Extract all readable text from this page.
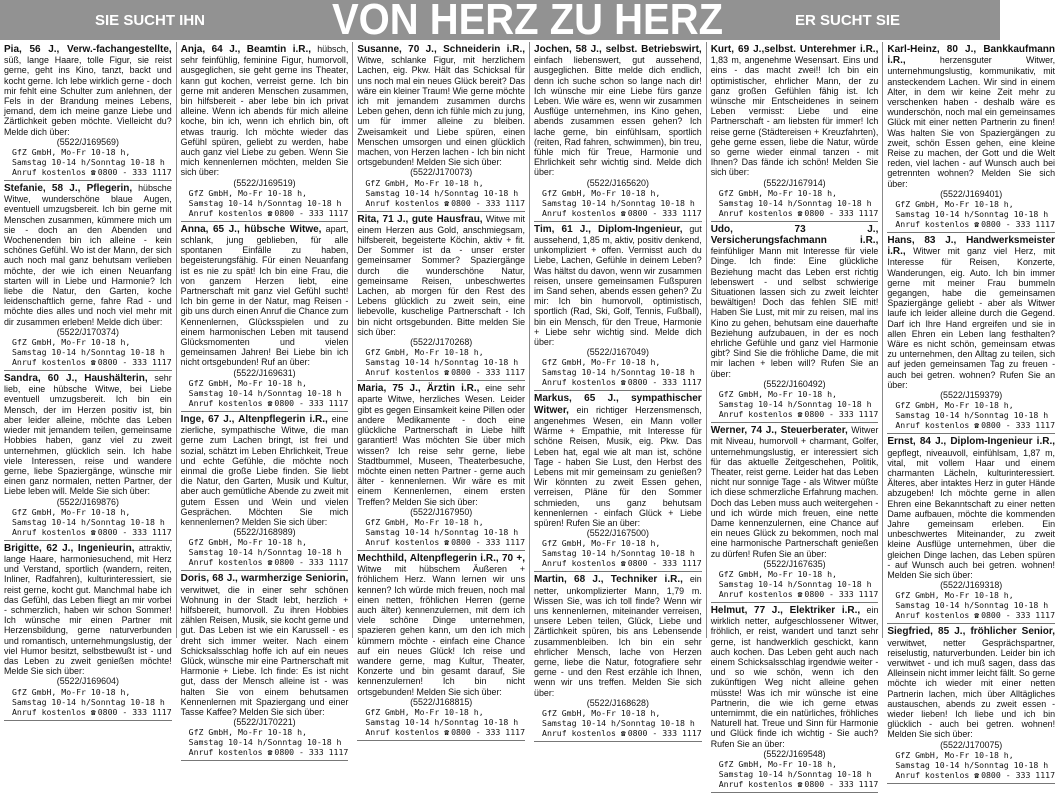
SIE SUCHT IHN	VON HERZ ZU HERZ	ER SUCHT SIE
Pia, 56 J., Verw.-fachangestellte, süß, lange Haare, tolle Figur, sie reist gerne, geht ins Kino, tanzt, backt und kocht gerne. Ich lebe wirklich gerne - doch mir fehlt eine Schulter zum anlehnen, der Fels in der Brandung meines Lebens, jemand, dem ich meine ganze Liebe und Zärtlichkeit geben möchte. Vielleicht du? Melde dich über:
(5522/J169569)
GfZ GmbH, Mo-Fr 10-18 h,
Samstag 10-14 h/Sonntag 10-18 h
Anruf kostenlos ☎ 0800 - 333 1117
Stefanie, 58 J., Pflegerin, hübsche Witwe, wunderschöne blaue Augen, eventuell umzugsbereit. Ich bin gerne mit Menschen zusammen, kümmere mich um sie - doch an den Abenden und Wochenenden bin ich alleine - kein schönes Gefühl. Wo ist der Mann, der sich auch noch mal ganz behutsam verlieben möchte, der wie ich einen Neuanfang starten will in Liebe und Harmonie? Ich liebe die Natur, den Garten, koche leidenschaftlich gerne, fahre Rad - und möchte dies alles und noch viel mehr mit dir zusammen erleben! Melde dich über:
(5522/J170374)
GfZ GmbH, Mo-Fr 10-18 h,
Samstag 10-14 h/Sonntag 10-18 h
Anruf kostenlos ☎ 0800 - 333 1117
Sandra, 60 J., Haushälterin, sehr lieb, eine hübsche Witwe, bei Liebe eventuell umzugsbereit. Ich bin ein Mensch, der im Herzen positiv ist, bin aber leider alleine, möchte das Leben wieder mit jemandem teilen, gemeinsame Hobbies haben, ganz viel zu zweit unternehmen, glücklich sein. Ich habe viele Interessen, reise und wandere gerne, liebe Spaziergänge, wünsche mir einen ganz normalen, netten Partner, der Liebe leben will. Melde Sie sich über:
(5522/J169876)
GfZ GmbH, Mo-Fr 10-18 h,
Samstag 10-14 h/Sonntag 10-18 h
Anruf kostenlos ☎ 0800 - 333 1117
Brigitte, 62 J., Ingenieurin, attraktiv, lange Haare, harmoniesuchend, mit Herz und Verstand, sportlich (wandern, reiten, Inliner, Radfahren), kulturinteressiert, sie reist gerne, kocht gut. Manchmal habe ich das Gefühl, das Leben fliegt an mir vorbei - schmerzlich, haben wir schon Sommer! Ich wünsche mir einen Partner mit Herzensbildung, gerne naturverbunden und romantisch, unternehmungslustig, der viel Humor besitzt, selbstbewußt ist - und das Leben zu zweit genießen möchte! Melde Sie sich über:
(5522/J169604)
GfZ GmbH, Mo-Fr 10-18 h,
Samstag 10-14 h/Sonntag 10-18 h
Anruf kostenlos ☎ 0800 - 333 1117
Anja, 64 J., Beamtin i.R., hübsch, sehr feinfühlig, feminine Figur, humorvoll, ausgeglichen, sie geht gerne ins Theater, kann gut kochen, verreist gerne. Ich bin gerne mit anderen Menschen zusammen, bin hilfsbereit - aber lebe bin ich privat alleine. Wenn ich abends für mich alleine koche, bin ich, wenn ich ehrlich bin, oft etwas traurig. Ich möchte wieder das Gefühl spüren, geliebt zu werden, habe auch ganz viel Liebe zu geben. Wenn Sie mich kennenlernen möchten, melden Sie sich über:
(5522/J169519)
GfZ GmbH, Mo-Fr 10-18 h,
Samstag 10-14 h/Sonntag 10-18 h
Anruf kostenlos ☎ 0800 - 333 1117
Anna, 65 J., hübsche Witwe, apart, schlank, jung geblieben, für alle spontanen Einfälle zu haben, begeisterungsfähig. Für einen Neuanfang ist es nie zu spät! Ich bin eine Frau, die von ganzem Herzen liebt, eine Partnerschaft mit ganz viel Gefühl sucht! Ich bin gerne in der Natur, mag Reisen - gib uns durch einen Anruf die Chance zum Kennenlernen, Glücksspielen und zu einem harmonischen Leben mit tausend Glücksmomenten und vielen gemeinsamen Jahren! Bei Liebe bin ich nicht ortsgebunden! Ruf an über:
(5522/J169631)
GfZ GmbH, Mo-Fr 10-18 h,
Samstag 10-14 h/Sonntag 10-18 h
Anruf kostenlos ☎ 0800 - 333 1117
Inge, 67 J., Altenpflegerin i.R., eine zierliche, sympathische Witwe, die man gerne zum Lachen bringt, ist frei und sozial, schätzt im Leben Ehrlichkeit, Treue und echte Gefühle, die möchte noch einmal die große Liebe finden. Sie liebt die Natur, den Garten, Musik und Kultur, aber auch gemütliche Abende zu zweit mit gutem Essen und Wein und vielen Gesprächen. Möchten Sie mich kennenlernen? Melden Sie sich über:
(5522/J168989)
GfZ GmbH, Mo-Fr 10-18 h,
Samstag 10-14 h/Sonntag 10-18 h
Anruf kostenlos ☎ 0800 - 333 1117
Doris, 68 J., warmherzige Seniorin, verwitwet, die in einer sehr schönen Wohnung in der Stadt lebt, herzlich + hilfsbereit, humorvoll. Zu ihren Hobbies zählen Reisen, Musik, sie kocht gerne und gut. Das Leben ist wie ein Karussell - es dreht sich immer weiter. Nach einem Schicksalsschlag hoffe ich auf ein neues Glück, wünsche mir eine Partnerschaft mit Harmonie + Liebe. Ich finde: Es ist nicht gut, dass der Mensch alleine ist - was halten Sie von einem behutsamen Kennenlernen mit Spaziergang und einer Tasse Kaffee? Melden Sie sich über:
(5522/J170221)
GfZ GmbH, Mo-Fr 10-18 h,
Samstag 10-14 h/Sonntag 10-18 h
Anruf kostenlos ☎ 0800 - 333 1117
Susanne, 70 J., Schneiderin i.R., Witwe, schlanke Figur, mit herzlichem Lachen, eig. Pkw. Hält das Schicksal für uns noch mal ein neues Glück bereit? Das wäre ein kleiner Traum! Wie gerne möchte ich mit jemandem zusammen durchs Leben gehen, denn ich fühle mich zu jung, um für immer alleine zu bleiben. Zweisamkeit und Liebe spüren, einen Menschen umsorgen und einen glücklich machen, von Herzen lachen - Ich bin nicht ortsgebunden! Melden Sie sich über:
(5522/J170073)
GfZ GmbH, Mo-Fr 10-18 h,
Samstag 10-14 h/Sonntag 10-18 h
Anruf kostenlos ☎ 0800 - 333 1117
Rita, 71 J., gute Hausfrau, Witwe mit einem Herzen aus Gold, anschmiegsam, hilfsbereit, begeisterte Köchin, aktiv + fit. Der Sommer ist da - unser erster gemeinsamer Sommer? Spaziergänge durch die wunderschöne Natur, gemeinsame Reisen, unbeschwertes Lachen, ab morgen für den Rest des Lebens glücklich zu zweit sein, eine liebevolle, kuschelige Partnerschaft - Ich bin nicht ortsgebunden. Bitte melden Sie sich über:
(5522/J170268)
GfZ GmbH, Mo-Fr 10-18 h,
Samstag 10-14 h/Sonntag 10-18 h
Anruf kostenlos ☎ 0800 - 333 1117
Maria, 75 J., Ärztin i.R., eine sehr aparte Witwe, herzliches Wesen. Leider gibt es gegen Einsamkeit keine Pillen oder andere Medikamente - doch eine glückliche Partnerschaft in Liebe hilft garantiert! Was möchten Sie über mich wissen? Ich reise sehr gerne, liebe Stadtbummel, Museen, Theaterbesuche, möchte einen netten Partner - gerne auch älter - kennenlernen. Wir wäre es mit einem Kennenlernen, einem ersten Treffen? Melden Sie sich über:
(5522/J167950)
GfZ GmbH, Mo-Fr 10-18 h,
Samstag 10-14 h/Sonntag 10-18 h
Anruf kostenlos ☎ 0800 - 333 1117
Mechthild, Altenpflegerin i.R., 70 +, Witwe mit hübschem Äußeren + fröhlichem Herz. Wann lernen wir uns kennen? Ich würde mich freuen, noch mal einen netten, fröhlichen Herren (gerne auch älter) kennenzulernen, mit dem ich viele schöne Dinge unternehmen, spazieren gehen kann, um den ich mich kümmern möchte - einfach eine Chance auf ein neues Glück! Ich reise und wandere gerne, mag Kultur, Theater, Konzerte und bin gesamt darauf, Sie kennenzulernen! Ich bin nicht ortsgebunden! Melden Sie sich über:
(5522/J168815)
GfZ GmbH, Mo-Fr 10-18 h,
Samstag 10-14 h/Sonntag 10-18 h
Anruf kostenlos ☎ 0800 - 333 1117
Jochen, 58 J., selbst. Betriebswirt, einfach liebenswert, gut aussehend, ausgeglichen. Bitte melde dich endlich, denn ich suche schon so lange nach dir! Ich wünsche mir eine Liebe fürs ganze Leben. Wie wäre es, wenn wir zusammen Ausflüge unternehmen, ins Kino gehen, abends zusammen essen gehen? Ich lache gerne, bin einfühlsam, sportlich (reiten, Rad fahren, schwimmen), bin treu, fühle mich für Treue, Harmonie und Ehrlichkeit sehr wichtig sind. Melde dich über:
(5522/J165620)
GfZ GmbH, Mo-Fr 10-18 h,
Samstag 10-14 h/Sonntag 10-18 h
Anruf kostenlos ☎ 0800 - 333 1117
Tim, 61 J., Diplom-Ingenieur, gut aussehend, 1,85 m, aktiv, positiv denkend, unkompliziert + offen. Vermisst auch du Liebe, Lachen, Gefühle in deinem Leben? Was hältst du davon, wenn wir zusammen reisen, unsere gemeinsamen Fußspuren im Sand sehen, abends essen gehen? Zu mir: Ich bin humorvoll, optimistisch, sportlich (Rad, Ski, Golf, Tennis, Fußball), bin ein Mensch, für den Treue, Harmonie + Liebe sehr wichtig sind. Melde dich über:
(5522/J167049)
GfZ GmbH, Mo-Fr 10-18 h,
Samstag 10-14 h/Sonntag 10-18 h
Anruf kostenlos ☎ 0800 - 333 1117
Markus, 65 J., sympathischer Witwer, ein richtiger Herzensmensch, angenehmes Wesen, ein Mann voller Wärme + Empathie, mit Interesse für schöne Reisen, Musik, eig. Pkw. Das Leben hat, egal wie alt man ist, schöne Tage - haben Sie Lust, den Herbst des Lebens mit mir gemeinsam zu genießen? Wir könnten zu zweit Essen gehen, verreisen, Pläne für den Sommer schmieden, uns ganz behutsam kennenlernen - einfach Glück + Liebe spüren! Rufen Sie an über:
(5522/J167500)
GfZ GmbH, Mo-Fr 10-18 h,
Samstag 10-14 h/Sonntag 10-18 h
Anruf kostenlos ☎ 0800 - 333 1117
Martin, 68 J., Techniker i.R., ein netter, unkomplizierter Mann, 1,79 m. Wissen Sie, was ich toll finde? Wenn wir uns kennenlernen, miteinander verreisen, unsere Leben teilen, Glück, Liebe und Zärtlichkeit spüren, bis ans Lebensende zusammenbleiben. Ich bin ein sehr ehrlicher Mensch, lache von Herzen gerne, liebe die Natur, fotografiere sehr gerne - und den Rest erzähle ich Ihnen, wenn wir uns treffen. Melden Sie sich über:
(5522/J168628)
GfZ GmbH, Mo-Fr 10-18 h,
Samstag 10-14 h/Sonntag 10-18 h
Anruf kostenlos ☎ 0800 - 333 1117
Kurt, 69 J.,selbst. Unterehmer i.R., 1,83 m, angenehme Wesensart. Eins und eins - das macht zwei!! Ich bin ein optimistischer, ehrlicher Mann, der zu ganz großen Gefühlen fähig ist. Ich wünsche mir Entscheidenes in seinem Leben vermisst: Liebe und eine Partnerschaft - am liebsten für immer! Ich reise gerne (Städtereisen + Kreuzfahrten), gehe gerne essen, liebe die Natur, würde so gerne wieder einmal tanzen - mit Ihnen? Das fände ich schön! Melden Sie sich über:
(5522/J167914)
GfZ GmbH, Mo-Fr 10-18 h,
Samstag 10-14 h/Sonntag 10-18 h
Anruf kostenlos ☎ 0800 - 333 1117
Udo, 73 J., Versicherungsfachmann i.R., feinfühliger Mann mit Interesse für viele Dinge. Ich finde: Eine glückliche Beziehung macht das Leben erst richtig lebenswert - und selbst schwierige Situationen lassen sich zu zweit leichter bewältigen! Doch das fehlen SIE mit! Haben Sie Lust, mit mir zu reisen, mal ins Kino zu gehen, behutsam eine dauerhafte Beziehung aufzubauen, in der es noch ehrliche Gefühle und ganz viel Harmonie gibt? Sind Sie die fröhliche Dame, die mit mir lachen + leben will? Rufen Sie an über:
(5522/J160492)
GfZ GmbH, Mo-Fr 10-18 h,
Samstag 10-14 h/Sonntag 10-18 h
Anruf kostenlos ☎ 0800 - 333 1117
Werner, 74 J., Steuerberater, Witwer mit Niveau, humorvoll + charmant, Golfer, unternehmungslustig, er interessiert sich für das aktuelle Zeitgeschehen, Politik, Theater, reist gerne. Leider hat das Leben nicht nur sonnige Tage - als Witwer müßte ich diese schmerzliche Erfahrung machen. Doch das Leben muss auch weitergehen - und ich würde mich freuen, eine nette Dame kennenzulernen, eine Chance auf ein neues Glück zu bekommen, noch mal eine harmonische Partnerschaft genießen zu dürfen! Rufen Sie an über:
(5522/J167635)
GfZ GmbH, Mo-Fr 10-18 h,
Samstag 10-14 h/Sonntag 10-18 h
Anruf kostenlos ☎ 0800 - 333 1117
Helmut, 77 J., Elektriker i.R., ein wirklich netter, aufgeschlossener Witwer, fröhlich, er reist, wandert und tanzt sehr gerne, ist handwerklich geschickt, kann auch kochen. Das Leben geht auch nach einem Schicksalsschlag irgendwie weiter - und so wie schön, wenn ich den zukünftigen Weg nicht alleine gehen müsste! Was ich mir wünsche ist eine Partnerin, die wie ich gerne etwas unternimmt, die ein natürliches, fröhliches Naturell hat. Treue und Sinn für Harmonie und Glück finde ich wichtig - Sie auch? Rufen Sie an über:
(5522/J169548)
GfZ GmbH, Mo-Fr 10-18 h,
Samstag 10-14 h/Sonntag 10-18 h
Anruf kostenlos ☎ 0800 - 333 1117
Karl-Heinz, 80 J., Bankkaufmann i.R.,	herzensguter Witwer, unternehmungslustig, kommunikativ, mit ansteckendem Lachen. Wir sind in einem Alter, in dem wir keine Zeit mehr zu verschenken haben - deshalb wäre es wunderschön, noch mal ein gemeinsames Glück mit einer netten Partnerin zu finen! Was halten Sie von Spaziergängen zu zweit, schön Essen gehen, eine kleine Reise zu machen, der Gott und die Welt reden, viel lachen - auf Wunsch auch bei getrennten wohnen? Melden Sie sich über:
(5522/J169401)
GfZ GmbH, Mo-Fr 10-18 h,
Samstag 10-14 h/Sonntag 10-18 h
Anruf kostenlos ☎ 0800 - 333 1117
Hans, 83 J., Handwerksmeister i.R., Witwer mit ganz viel Herz, mit Interesse für Reisen, Konzerte, Wanderungen, eig. Auto. Ich bin immer gerne mit meiner Frau bummeln gegangen, habe die gemeinsamen Spaziergänge geliebt - aber als Witwer laufe ich leider alleine durch die Gegend. Darf ich Ihre Hand ergreifen und sie in allen Ehren ein Leben lang festhalten? Wäre es nicht schön, gemeinsam etwas zu unternehmen, den Alltag zu teilen, sich auf jeden gemeinsamen Tag zu freuen - auch bei getren. wohnen? Rufen Sie an über:
(5522/J159379)
GfZ GmbH, Mo-Fr 10-18 h,
Samstag 10-14 h/Sonntag 10-18 h
Anruf kostenlos ☎ 0800 - 333 1117
Ernst, 84 J., Diplom-Ingenieur i.R., gepflegt, niveauvoll, einfühlsam, 1,87 m, vital, mit vollem Haar und einem charmanten Lächeln, kulturinteressiert. Älteres, aber intaktes Herz in guter Hände abzugeben! Ich möchte gerne in allen Ehren eine Bekanntschaft zu einer netten Dame aufbauen, möchte die kommenden Jahre gemeinsam erleben. Ein unbeschwertes Miteinander, zu zweit kleine Ausflüge unternehmen, über die gleichen Dinge lachen, das Leben spüren - auf Wunsch auch bei getren. wohnen! Melden Sie sich über:
(5522/J169318)
GfZ GmbH, Mo-Fr 10-18 h,
Samstag 10-14 h/Sonntag 10-18 h
Anruf kostenlos ☎ 0800 - 333 1117
Siegfried, 85 J., fröhlicher Senior, verwitwet, netter Gesprächspartner, reiselustig, naturverbunden. Leider bin ich verwitwet - und ich muß sagen, dass das Alleinsein nicht immer leicht fällt. So gerne möchte ich wieder mit einer netten Partnerin lachen, mich über Alltägliches austauschen, abends zu zweit essen - wieder lieben! Ich liebe und ich bin glücklich - auch bei getren. wohnen! Melden Sie sich über:
(5522/J170075)
GfZ GmbH, Mo-Fr 10-18 h,
Samstag 10-14 h/Sonntag 10-18 h
Anruf kostenlos ☎ 0800 - 333 1117
